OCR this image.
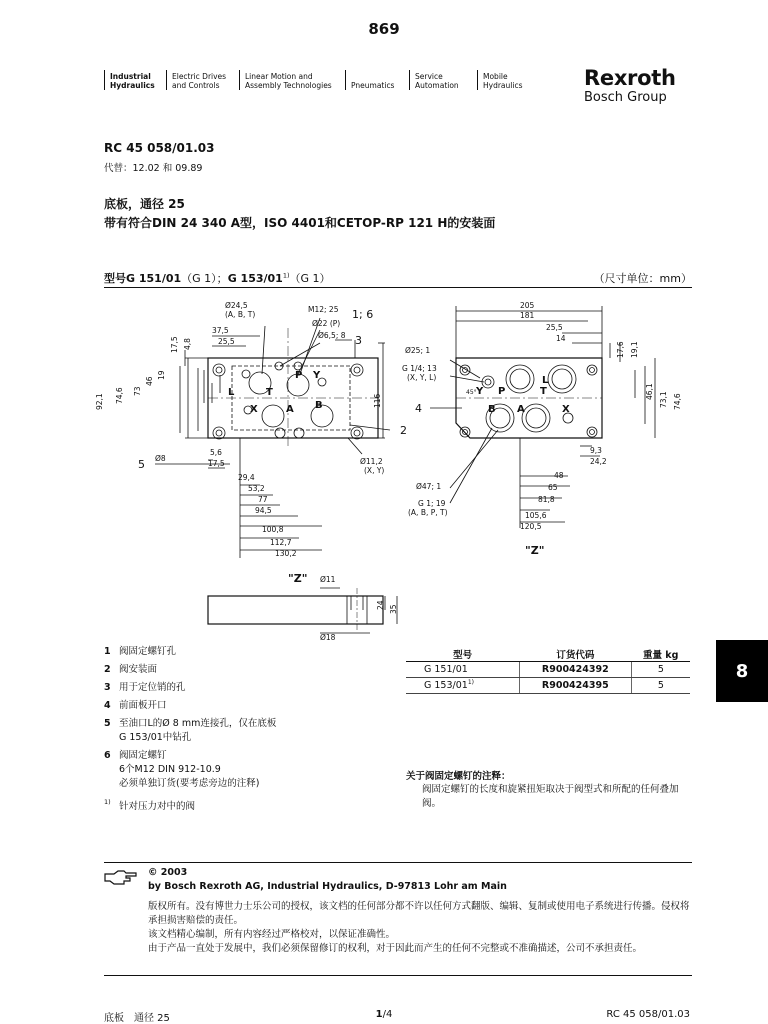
869
Industrial
Hydraulics
Electric Drives
and Controls
Linear Motion and
Assembly Technologies	Pneumatics
Service
Automation
Mobile
Hydraulics	Rexroth
Bosch Group
RC 45 058/01.03
代替：12.02 和 09.89
底板，通径 25
带有符合DIN 24 340 A型，ISO 4401和CETOP-RP 121 H的安装面
型号G 151/01（G 1）；G 153/01$^{1)}$（G 1）	（尺寸单位：mm）
Ø24,5
(A, B, T)
M12; 25 1; 6
Ø22 (P)
Ø6,5; 8 3
37,5
25,5
17,5 4,8
92,1 74,6 73
46
19
116
2
L	T
P Y
X	A B
5,6
17,5
Ø8
5
29,4
53,2
77
94,5
100,8
112,7
130,2
Ø11,2
(X, Y)
205
181
25,5
14
17,6 19,1
Ø25; 1
G 1/4; 13
(X, Y, L)
4
45°	46,1 73,1 74,6
Y P
L
T
B A	X
9,3
24,2
48
65
Ø47; 1
81,8
G 1; 19
(A, B, P, T)	105,6
120,5
"Z"
"Z" Ø11
24 35
Ø18
8
1 阀固定螺钉孔
2 阀安装面
3 用于定位销的孔
4 前面板开口
5 至油口L的Ø 8 mm连接孔，仅在底板
G 153/01中钻孔
6 阀固定螺钉
6个M12 DIN 912-10.9
必须单独订货(要考虑旁边的注释)
1) 针对压力对中的阀
型号	订货代码	重量 kg
G 151/01	R900424392	5
G 153/01$^{1)}$	R900424395	5
关于阀固定螺钉的注释：
阀固定螺钉的长度和旋紧扭矩取决于阀型式和所配的任何叠加阀。
© 2003
by Bosch Rexroth AG, Industrial Hydraulics, D-97813 Lohr am Main

版权所有。没有博世力士乐公司的授权，该文档的任何部分都不许以任何方式翻版、编辑、复制或使用电子系统进行传播。侵权将承担损害赔偿的责任。

该文档精心编制，所有内容经过严格校对，以保证准确性。

由于产品一直处于发展中，我们必须保留修订的权利，对于因此而产生的任何不完整或不准确描述，公司不承担责任。

底板　通径 25	1/4	RC 45 058/01.03
